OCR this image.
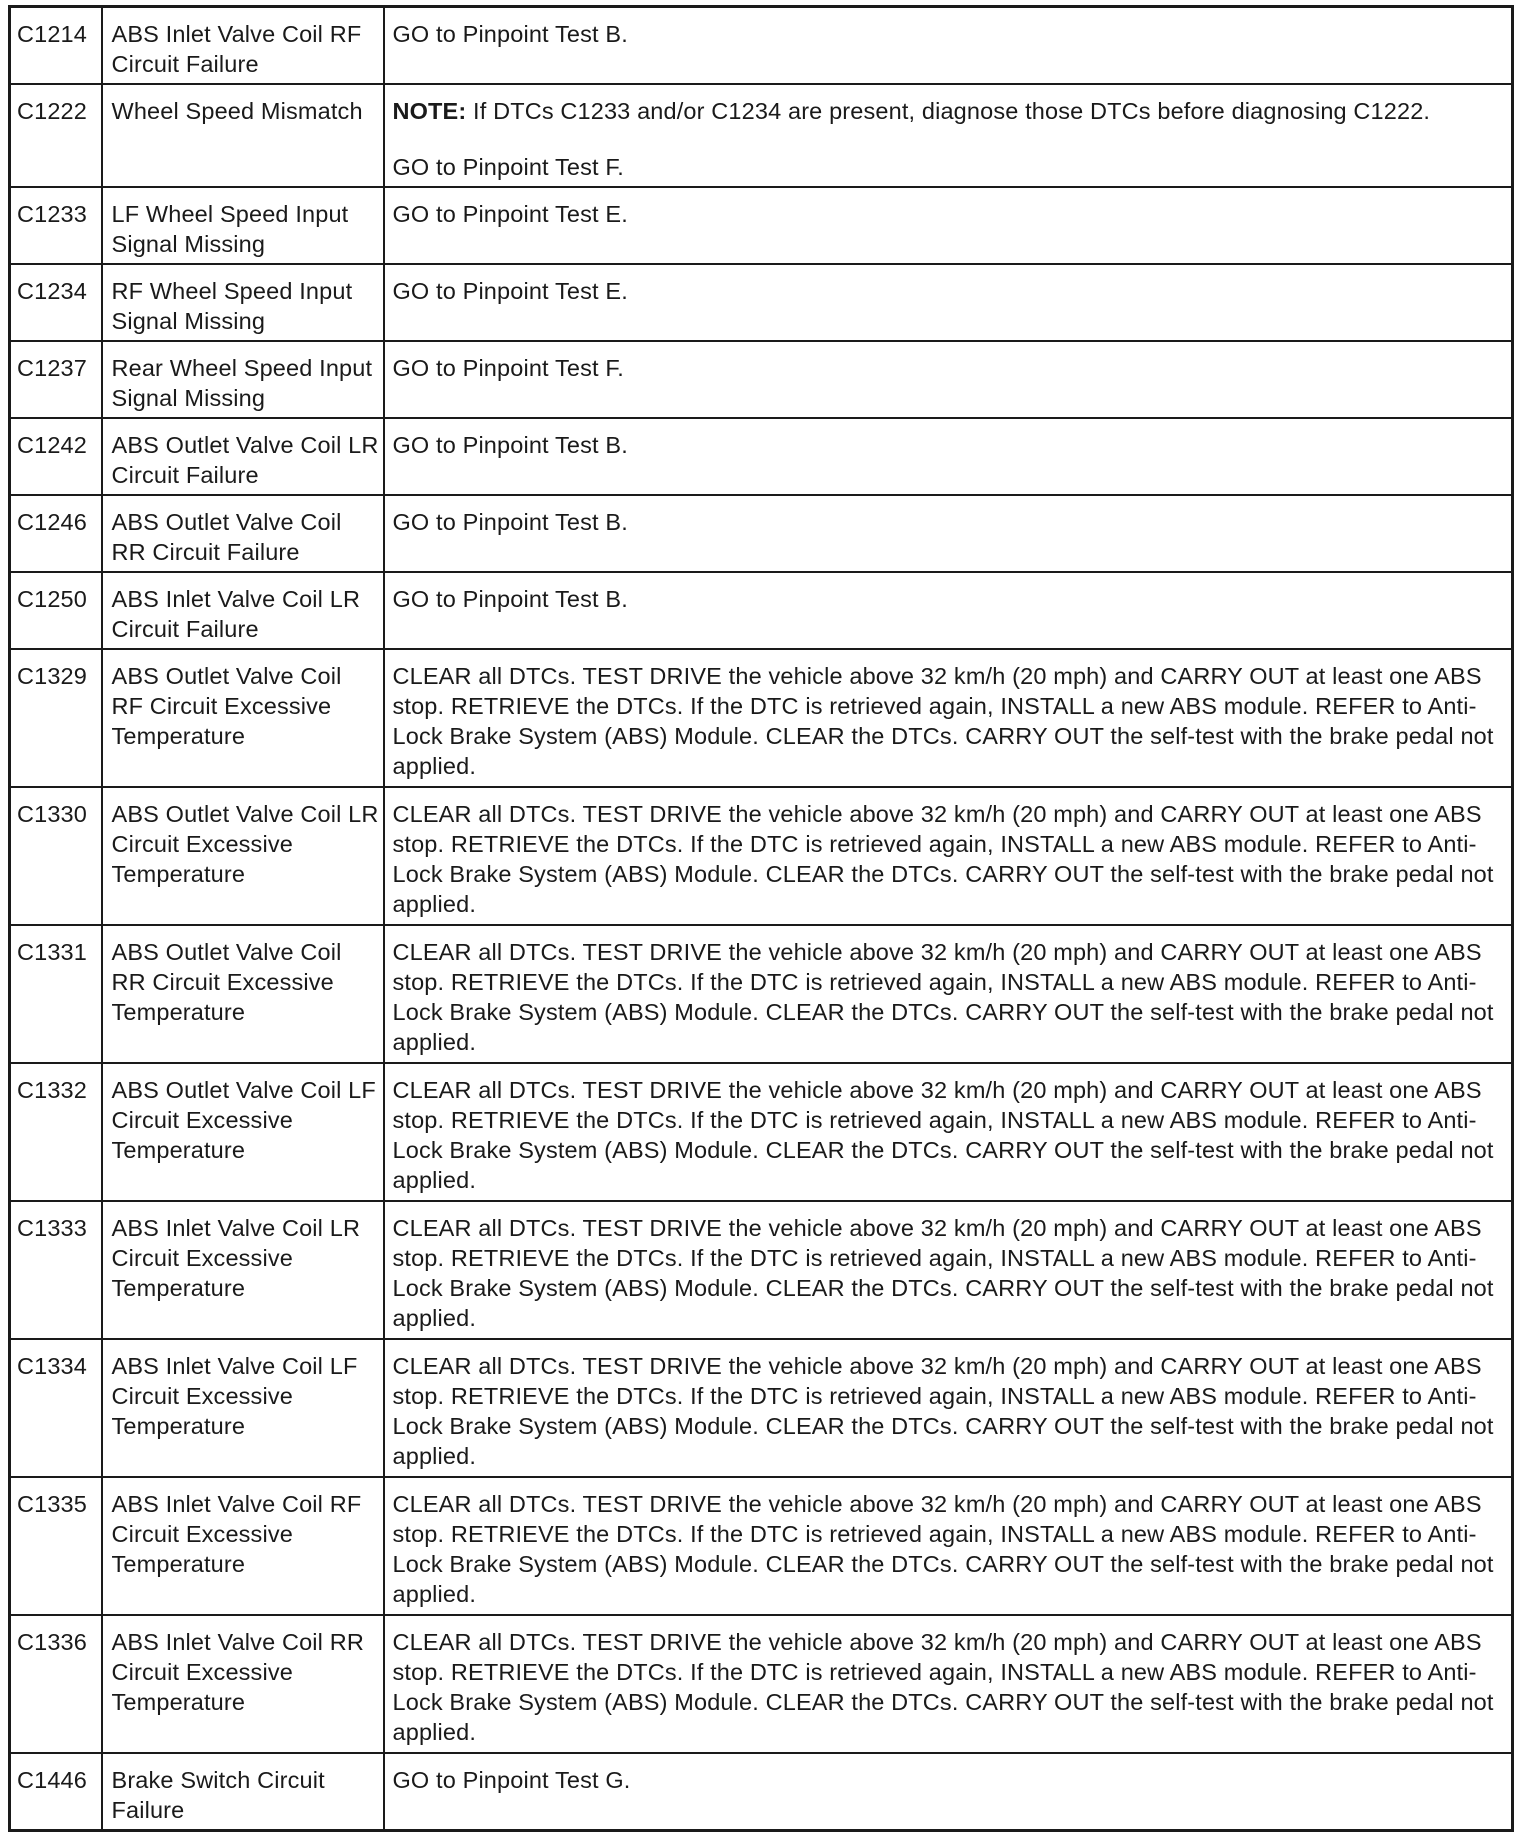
C1214	ABS Inlet Valve Coil RF Circuit Failure	GO to Pinpoint Test B.
C1222	Wheel Speed Mismatch	NOTE: If DTCs C1233 and/or C1234 are present, diagnose those DTCs before diagnosing C1222.
GO to Pinpoint Test F.

C1233	LF Wheel Speed Input Signal Missing	GO to Pinpoint Test E.
C1234	RF Wheel Speed Input Signal Missing	GO to Pinpoint Test E.
C1237	Rear Wheel Speed Input Signal Missing	GO to Pinpoint Test F.
C1242	ABS Outlet Valve Coil LR Circuit Failure	GO to Pinpoint Test B.
C1246	ABS Outlet Valve Coil RR Circuit Failure	GO to Pinpoint Test B.
C1250	ABS Inlet Valve Coil LR Circuit Failure	GO to Pinpoint Test B.
C1329	ABS Outlet Valve Coil RF Circuit Excessive Temperature	CLEAR all DTCs. TEST DRIVE the vehicle above 32 km/h (20 mph) and CARRY OUT at least one ABS stop. RETRIEVE the DTCs. If the DTC is retrieved again, INSTALL a new ABS module. REFER to Anti-Lock Brake System (ABS) Module. CLEAR the DTCs. CARRY OUT the self-test with the brake pedal not applied.
C1330	ABS Outlet Valve Coil LR Circuit Excessive Temperature	CLEAR all DTCs. TEST DRIVE the vehicle above 32 km/h (20 mph) and CARRY OUT at least one ABS stop. RETRIEVE the DTCs. If the DTC is retrieved again, INSTALL a new ABS module. REFER to Anti-Lock Brake System (ABS) Module. CLEAR the DTCs. CARRY OUT the self-test with the brake pedal not applied.
C1331	ABS Outlet Valve Coil RR Circuit Excessive Temperature	CLEAR all DTCs. TEST DRIVE the vehicle above 32 km/h (20 mph) and CARRY OUT at least one ABS stop. RETRIEVE the DTCs. If the DTC is retrieved again, INSTALL a new ABS module. REFER to Anti-Lock Brake System (ABS) Module. CLEAR the DTCs. CARRY OUT the self-test with the brake pedal not applied.
C1332	ABS Outlet Valve Coil LF Circuit Excessive Temperature	CLEAR all DTCs. TEST DRIVE the vehicle above 32 km/h (20 mph) and CARRY OUT at least one ABS stop. RETRIEVE the DTCs. If the DTC is retrieved again, INSTALL a new ABS module. REFER to Anti-Lock Brake System (ABS) Module. CLEAR the DTCs. CARRY OUT the self-test with the brake pedal not applied.
C1333	ABS Inlet Valve Coil LR Circuit Excessive Temperature	CLEAR all DTCs. TEST DRIVE the vehicle above 32 km/h (20 mph) and CARRY OUT at least one ABS stop. RETRIEVE the DTCs. If the DTC is retrieved again, INSTALL a new ABS module. REFER to Anti-Lock Brake System (ABS) Module. CLEAR the DTCs. CARRY OUT the self-test with the brake pedal not applied.
C1334	ABS Inlet Valve Coil LF Circuit Excessive Temperature	CLEAR all DTCs. TEST DRIVE the vehicle above 32 km/h (20 mph) and CARRY OUT at least one ABS stop. RETRIEVE the DTCs. If the DTC is retrieved again, INSTALL a new ABS module. REFER to Anti-Lock Brake System (ABS) Module. CLEAR the DTCs. CARRY OUT the self-test with the brake pedal not applied.
C1335	ABS Inlet Valve Coil RF Circuit Excessive Temperature	CLEAR all DTCs. TEST DRIVE the vehicle above 32 km/h (20 mph) and CARRY OUT at least one ABS stop. RETRIEVE the DTCs. If the DTC is retrieved again, INSTALL a new ABS module. REFER to Anti-Lock Brake System (ABS) Module. CLEAR the DTCs. CARRY OUT the self-test with the brake pedal not applied.
C1336	ABS Inlet Valve Coil RR Circuit Excessive Temperature	CLEAR all DTCs. TEST DRIVE the vehicle above 32 km/h (20 mph) and CARRY OUT at least one ABS stop. RETRIEVE the DTCs. If the DTC is retrieved again, INSTALL a new ABS module. REFER to Anti-Lock Brake System (ABS) Module. CLEAR the DTCs. CARRY OUT the self-test with the brake pedal not applied.
C1446	Brake Switch Circuit Failure	GO to Pinpoint Test G.
